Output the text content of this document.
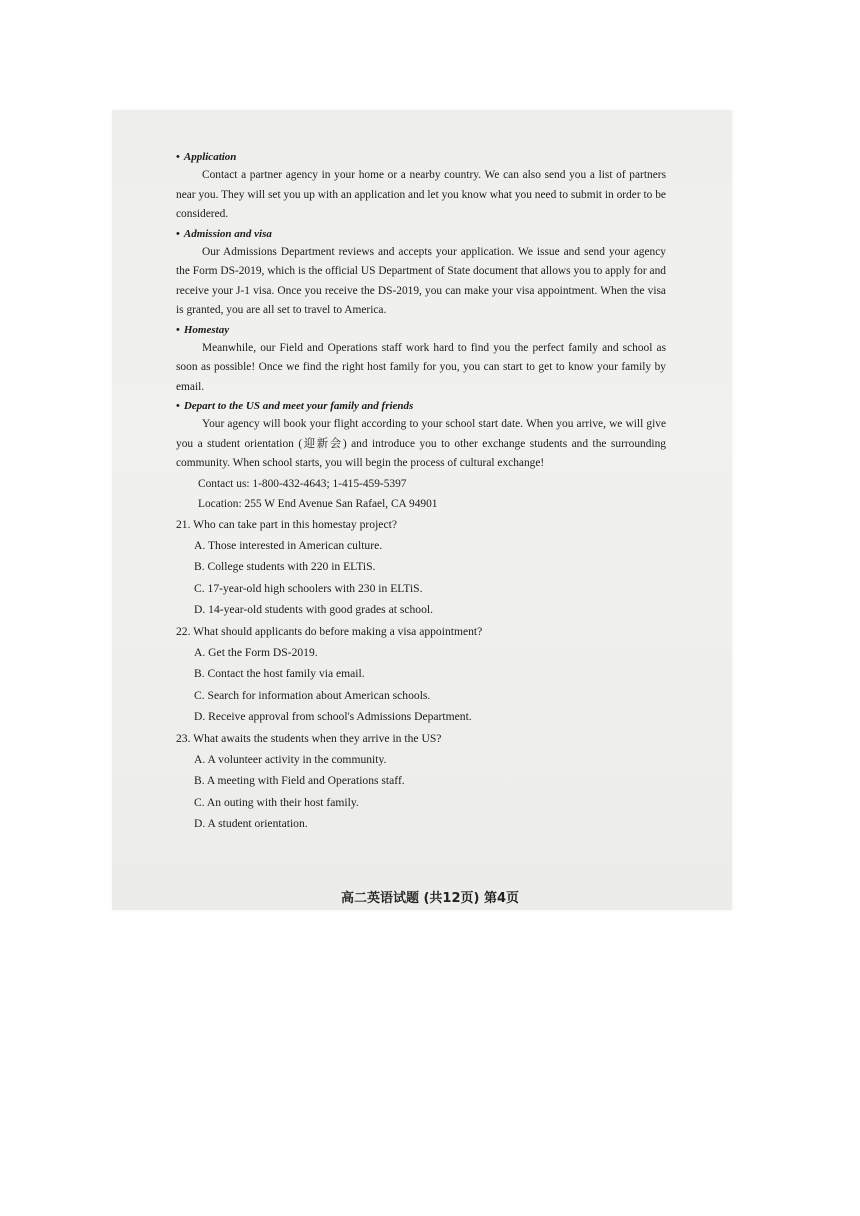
• Application

Contact a partner agency in your home or a nearby country. We can also send you a list of partners near you. They will set you up with an application and let you know what you need to submit in order to be considered.

• Admission and visa

Our Admissions Department reviews and accepts your application. We issue and send your agency the Form DS-2019, which is the official US Department of State document that allows you to apply for and receive your J-1 visa. Once you receive the DS-2019, you can make your visa appointment. When the visa is granted, you are all set to travel to America.

• Homestay

Meanwhile, our Field and Operations staff work hard to find you the perfect family and school as soon as possible! Once we find the right host family for you, you can start to get to know your family by email.

• Depart to the US and meet your family and friends

Your agency will book your flight according to your school start date. When you arrive, we will give you a student orientation (迎新会) and introduce you to other exchange students and the surrounding community. When school starts, you will begin the process of cultural exchange!

Contact us: 1-800-432-4643; 1-415-459-5397

Location: 255 W End Avenue San Rafael, CA 94901

21. Who can take part in this homestay project?

A. Those interested in American culture.

B. College students with 220 in ELTiS.

C. 17-year-old high schoolers with 230 in ELTiS.

D. 14-year-old students with good grades at school.

22. What should applicants do before making a visa appointment?

A. Get the Form DS-2019.

B. Contact the host family via email.

C. Search for information about American schools.

D. Receive approval from school's Admissions Department.

23. What awaits the students when they arrive in the US?

A. A volunteer activity in the community.

B. A meeting with Field and Operations staff.

C. An outing with their host family.

D. A student orientation.

高二英语试题 (共12页) 第4页
